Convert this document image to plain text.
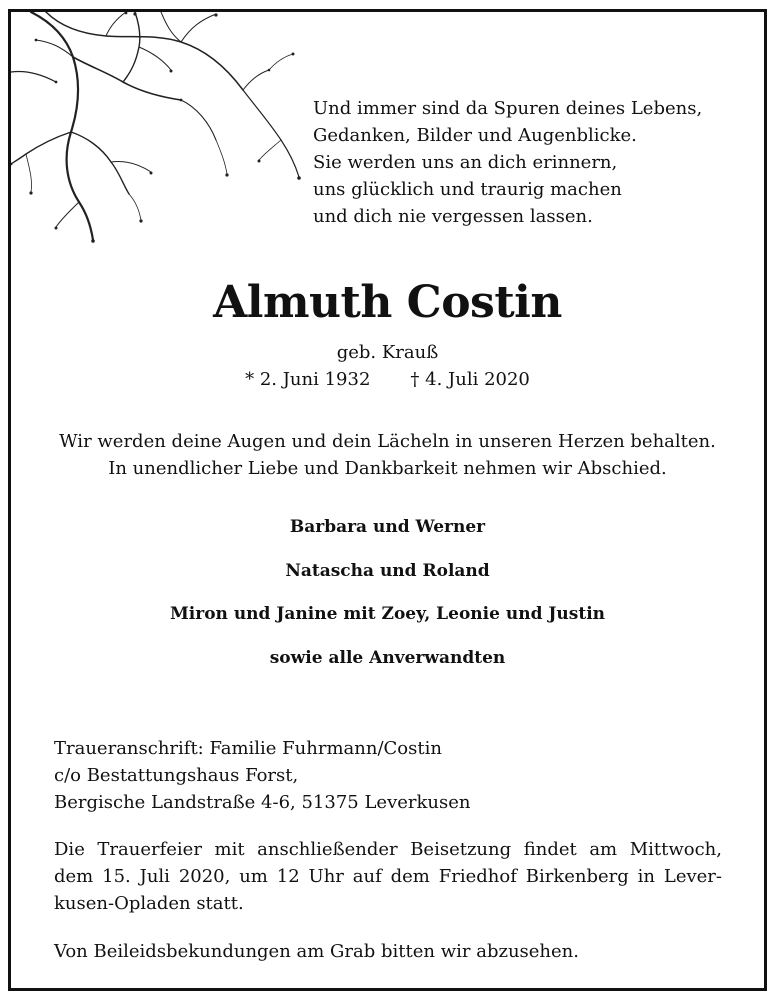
Und immer sind da Spuren deines Lebens,
Gedanken, Bilder und Augenblicke.
Sie werden uns an dich erinnern,
uns glücklich und traurig machen
und dich nie vergessen lassen.
Almuth Costin
geb. Krauß
* 2. Juni 1932 † 4. Juli 2020
Wir werden deine Augen und dein Lächeln in unseren Herzen behalten.
In unendlicher Liebe und Dankbarkeit nehmen wir Abschied.
Barbara und Werner
Natascha und Roland
Miron und Janine mit Zoey, Leonie und Justin
sowie alle Anverwandten
Traueranschrift: Familie Fuhrmann/Costin
c/o Bestattungshaus Forst,
Bergische Landstraße 4-6, 51375 Leverkusen
Die Trauerfeier mit anschließender Beisetzung findet am Mittwoch,
dem 15. Juli 2020, um 12 Uhr auf dem Friedhof Birkenberg in Lever-
kusen-Opladen statt.
Von Beileidsbekundungen am Grab bitten wir abzusehen.
